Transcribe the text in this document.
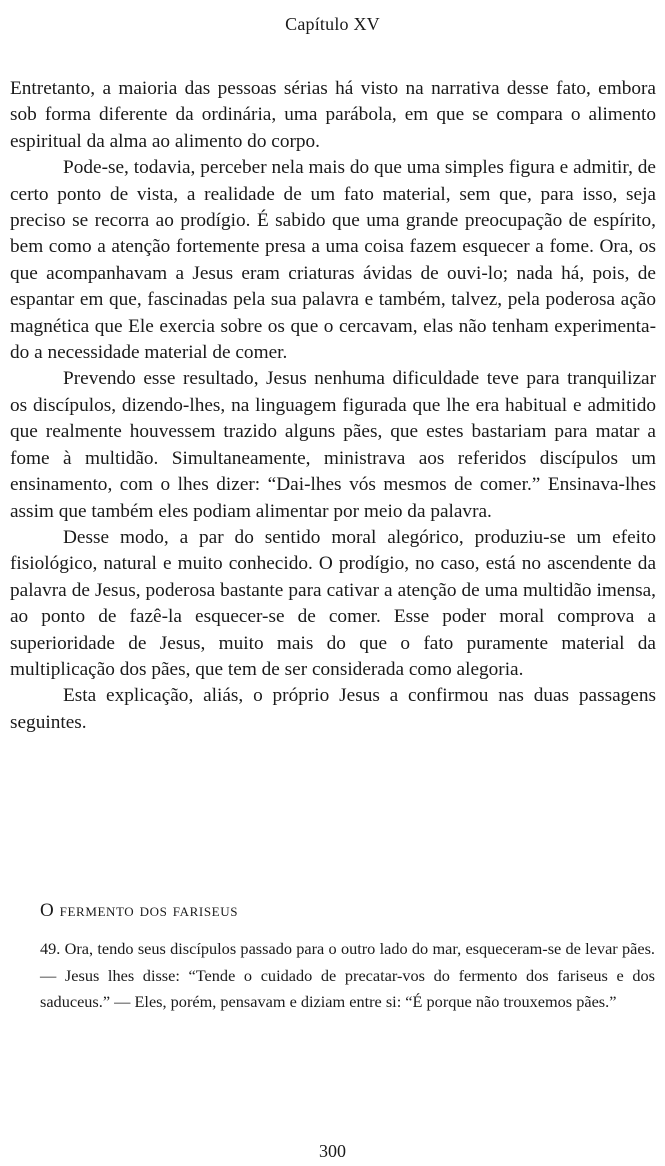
Capítulo XV

Entretanto, a maioria das pessoas sérias há visto na narrativa desse fato, embora sob forma diferente da ordinária, uma parábola, em que se compara o alimento espiritual da alma ao alimento do corpo.

Pode-se, todavia, perceber nela mais do que uma simples figura e admitir, de certo ponto de vista, a realidade de um fato material, sem que, para isso, seja preciso se recorra ao prodígio. É sabido que uma grande preocupação de espírito, bem como a atenção fortemente presa a uma coisa fazem esquecer a fome. Ora, os que acompanhavam a Jesus eram criaturas ávidas de ouvi-lo; nada há, pois, de espantar em que, fascinadas pela sua palavra e também, talvez, pela poderosa ação magnética que Ele exercia sobre os que o cercavam, elas não tenham experimentado a necessidade material de comer.

Prevendo esse resultado, Jesus nenhuma dificuldade teve para tranquilizar os discípulos, dizendo-lhes, na linguagem figurada que lhe era habitual e admitido que realmente houvessem trazido alguns pães, que estes bastariam para matar a fome à multidão. Simultaneamente, ministrava aos referidos discípulos um ensinamento, com o lhes dizer: “Dai-lhes vós mesmos de comer.” Ensinava-lhes assim que também eles podiam alimentar por meio da palavra.

Desse modo, a par do sentido moral alegórico, produziu-se um efeito fisiológico, natural e muito conhecido. O prodígio, no caso, está no ascendente da palavra de Jesus, poderosa bastante para cativar a atenção de uma multidão imensa, ao ponto de fazê-la esquecer-se de comer. Esse poder moral comprova a superioridade de Jesus, muito mais do que o fato puramente material da multiplicação dos pães, que tem de ser considerada como alegoria.

Esta explicação, aliás, o próprio Jesus a confirmou nas duas passagens seguintes.

O fermento dos fariseus

49. Ora, tendo seus discípulos passado para o outro lado do mar, esqueceram-se de levar pães. — Jesus lhes disse: “Tende o cuidado de precatar-vos do fermento dos fariseus e dos saduceus.” — Eles, porém, pensavam e diziam entre si: “É porque não trouxemos pães.”

300
